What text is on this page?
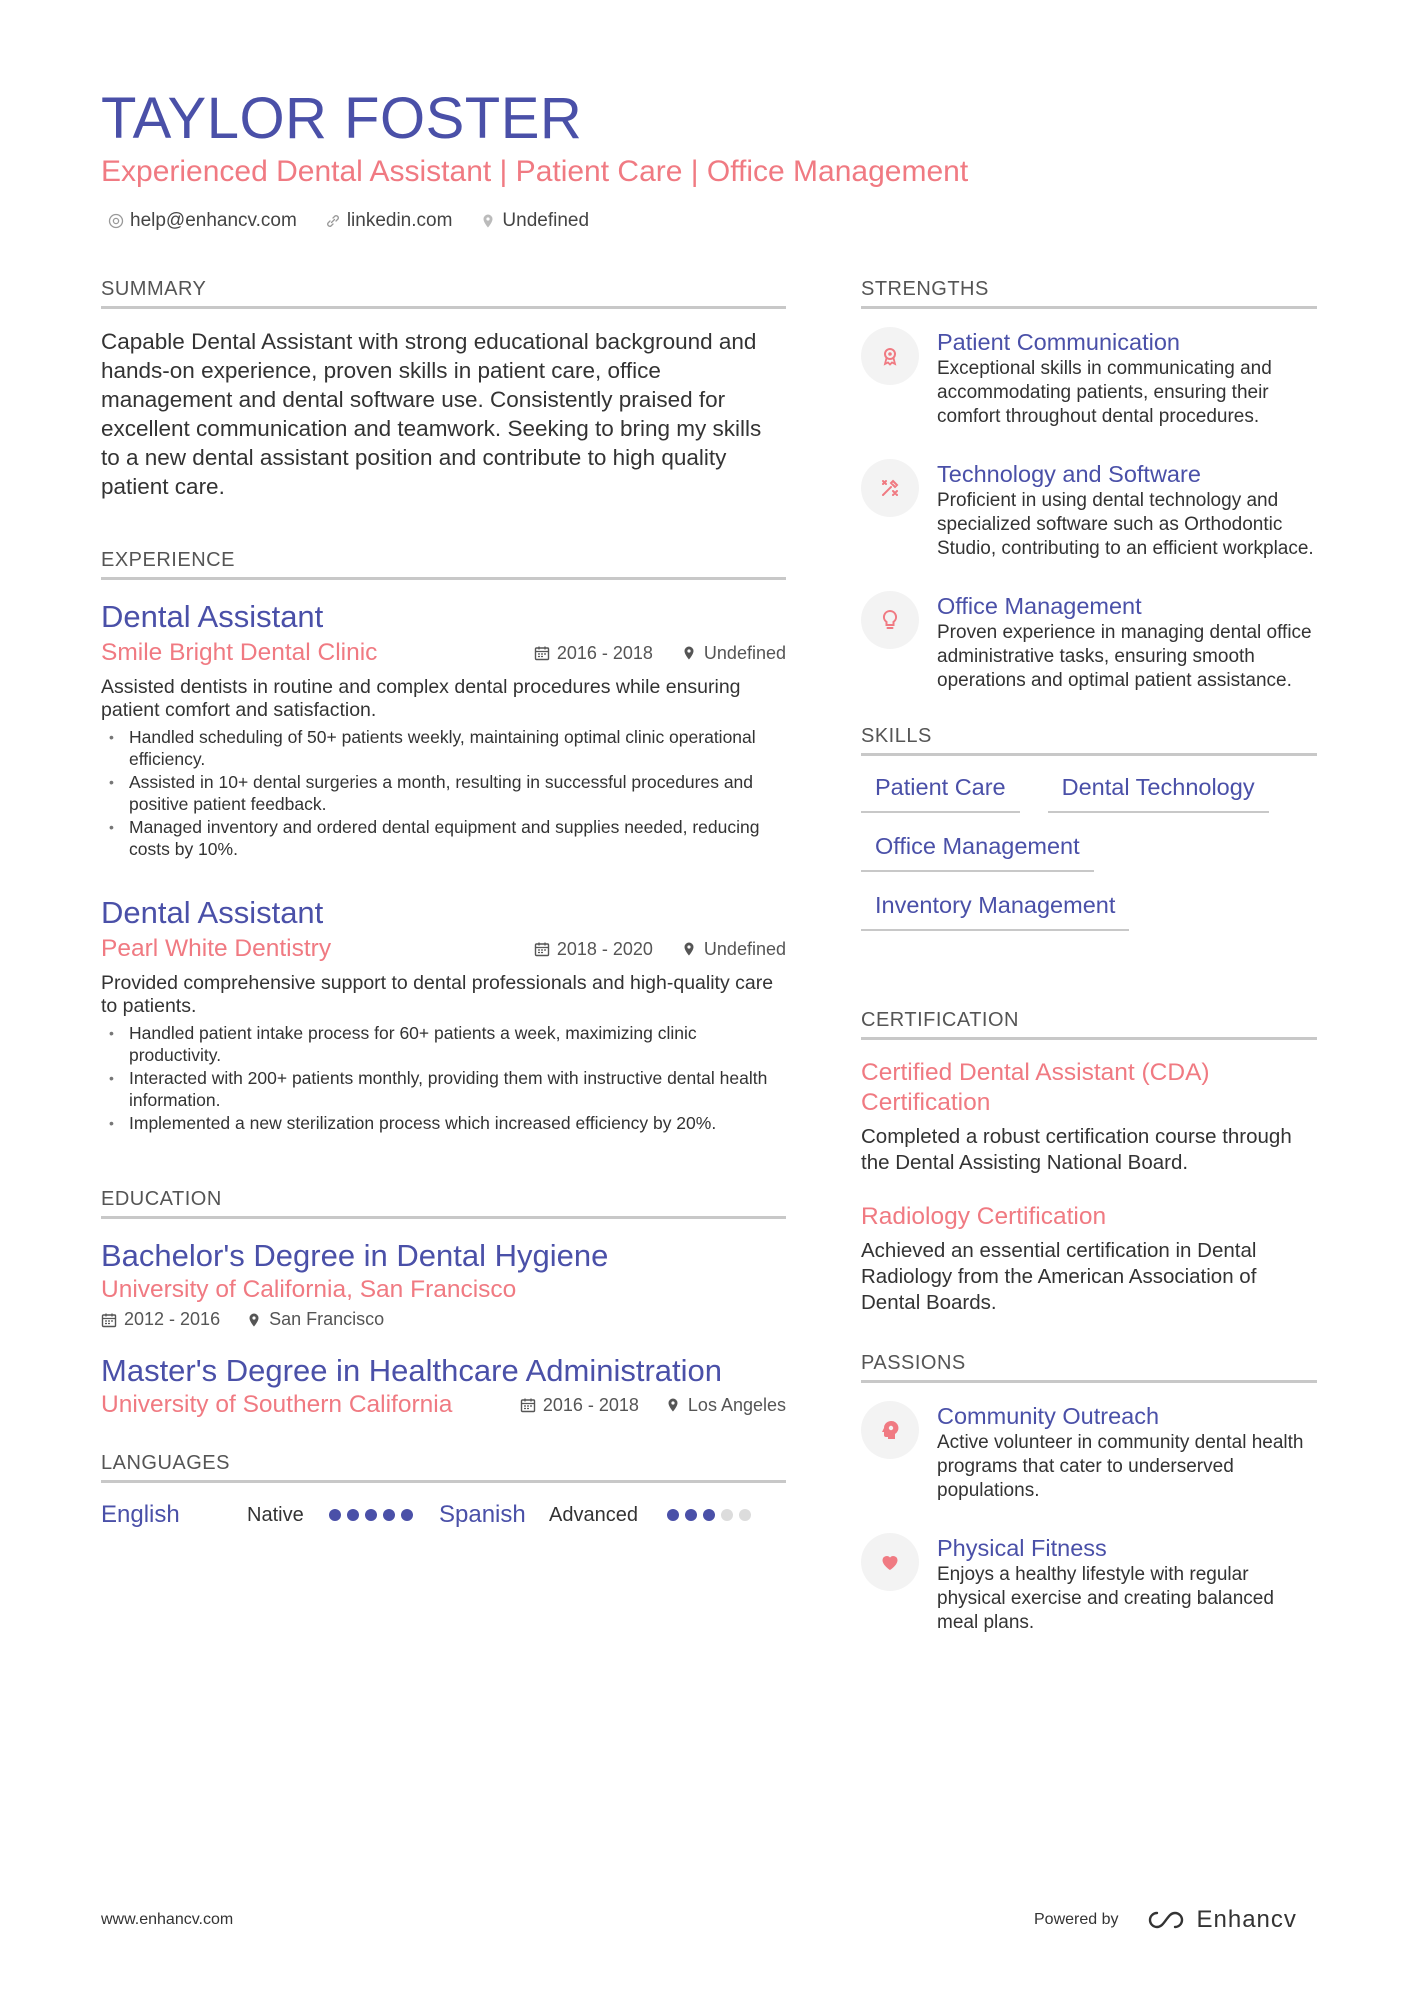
TAYLOR FOSTER
Experienced Dental Assistant | Patient Care | Office Management
help@enhancv.com	linkedin.com	Undefined
SUMMARY

Capable Dental Assistant with strong educational background and hands-on experience, proven skills in patient care, office management and dental software use. Consistently praised for excellent communication and teamwork. Seeking to bring my skills to a new dental assistant position and contribute to high quality patient care.

EXPERIENCE
Dental Assistant
Smile Bright Dental Clinic	2016 - 2018	Undefined

Assisted dentists in routine and complex dental procedures while ensuring patient comfort and satisfaction.

• Handled scheduling of 50+ patients weekly, maintaining optimal clinic operational efficiency.
• Assisted in 10+ dental surgeries a month, resulting in successful procedures and positive patient feedback.
• Managed inventory and ordered dental equipment and supplies needed, reducing costs by 10%.
Dental Assistant
Pearl White Dentistry	2018 - 2020	Undefined

Provided comprehensive support to dental professionals and high-quality care to patients.

• Handled patient intake process for 60+ patients a week, maximizing clinic productivity.
• Interacted with 200+ patients monthly, providing them with instructive dental health information.
• Implemented a new sterilization process which increased efficiency by 20%.
EDUCATION
Bachelor's Degree in Dental Hygiene
University of California, San Francisco
2012 - 2016	San Francisco
Master's Degree in Healthcare Administration
University of Southern California	2016 - 2018	Los Angeles
LANGUAGES
English	Native	Spanish	Advanced
STRENGTHS
Patient Communication
Exceptional skills in communicating and accommodating patients, ensuring their comfort throughout dental procedures.
Technology and Software
Proficient in using dental technology and specialized software such as Orthodontic Studio, contributing to an efficient workplace.
Office Management
Proven experience in managing dental office administrative tasks, ensuring smooth operations and optimal patient assistance.
SKILLS
Patient Care	Dental Technology
Office Management
Inventory Management
CERTIFICATION
Certified Dental Assistant (CDA) Certification
Completed a robust certification course through the Dental Assisting National Board.
Radiology Certification
Achieved an essential certification in Dental Radiology from the American Association of Dental Boards.
PASSIONS
Community Outreach
Active volunteer in community dental health programs that cater to underserved populations.
Physical Fitness
Enjoys a healthy lifestyle with regular physical exercise and creating balanced meal plans.
www.enhancv.com	Powered by	Enhancv
